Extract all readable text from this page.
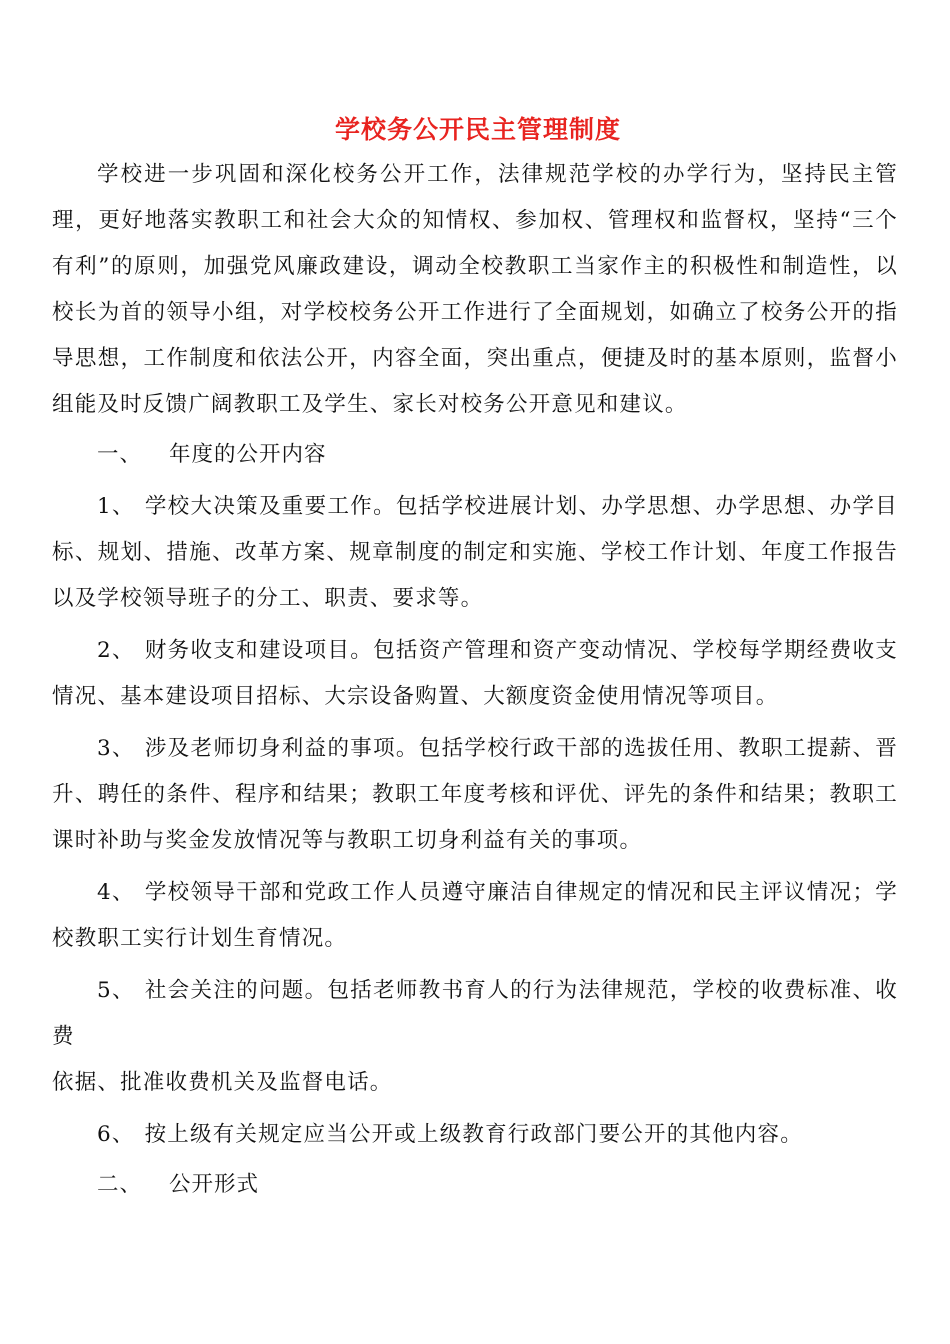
学校务公开民主管理制度

学校进一步巩固和深化校务公开工作，法律规范学校的办学行为，坚持民主管理，更好地落实教职工和社会大众的知情权、参加权、管理权和监督权，坚持“三个有利”的原则，加强党风廉政建设，调动全校教职工当家作主的积极性和制造性，以校长为首的领导小组，对学校校务公开工作进行了全面规划，如确立了校务公开的指导思想，工作制度和依法公开，内容全面，突出重点，便捷及时的基本原则，监督小组能及时反馈广阔教职工及学生、家长对校务公开意见和建议。

一、 年度的公开内容

1、 学校大决策及重要工作。包括学校进展计划、办学思想、办学思想、办学目标、规划、措施、改革方案、规章制度的制定和实施、学校工作计划、年度工作报告以及学校领导班子的分工、职责、要求等。

2、 财务收支和建设项目。包括资产管理和资产变动情况、学校每学期经费收支情况、基本建设项目招标、大宗设备购置、大额度资金使用情况等项目。

3、 涉及老师切身利益的事项。包括学校行政干部的选拔任用、教职工提薪、晋升、聘任的条件、程序和结果；教职工年度考核和评优、评先的条件和结果；教职工课时补助与奖金发放情况等与教职工切身利益有关的事项。

4、 学校领导干部和党政工作人员遵守廉洁自律规定的情况和民主评议情况；学校教职工实行计划生育情况。

5、 社会关注的问题。包括老师教书育人的行为法律规范，学校的收费标准、收费

依据、批准收费机关及监督电话。

6、 按上级有关规定应当公开或上级教育行政部门要公开的其他内容。

二、 公开形式
